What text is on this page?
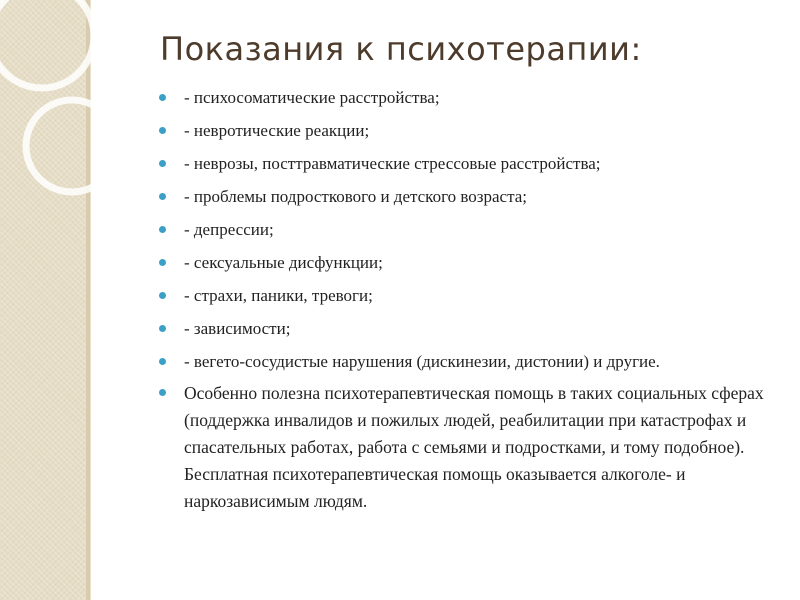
Показания к психотерапии:
- психосоматические расстройства;
- невротические реакции;
- неврозы, посттравматические стрессовые расстройства;
- проблемы подросткового и детского возраста;
- депрессии;
- сексуальные дисфункции;
- страхи, паники, тревоги;
- зависимости;
- вегето-сосудистые нарушения (дискинезии, дистонии) и другие.
Особенно полезна психотерапевтическая помощь в таких социальных сферах (поддержка инвалидов и пожилых людей, реабилитации при катастрофах и спасательных работах, работа с семьями и подростками, и тому подобное). Бесплатная психотерапевтическая помощь оказывается алкоголе- и наркозависимым людям.
